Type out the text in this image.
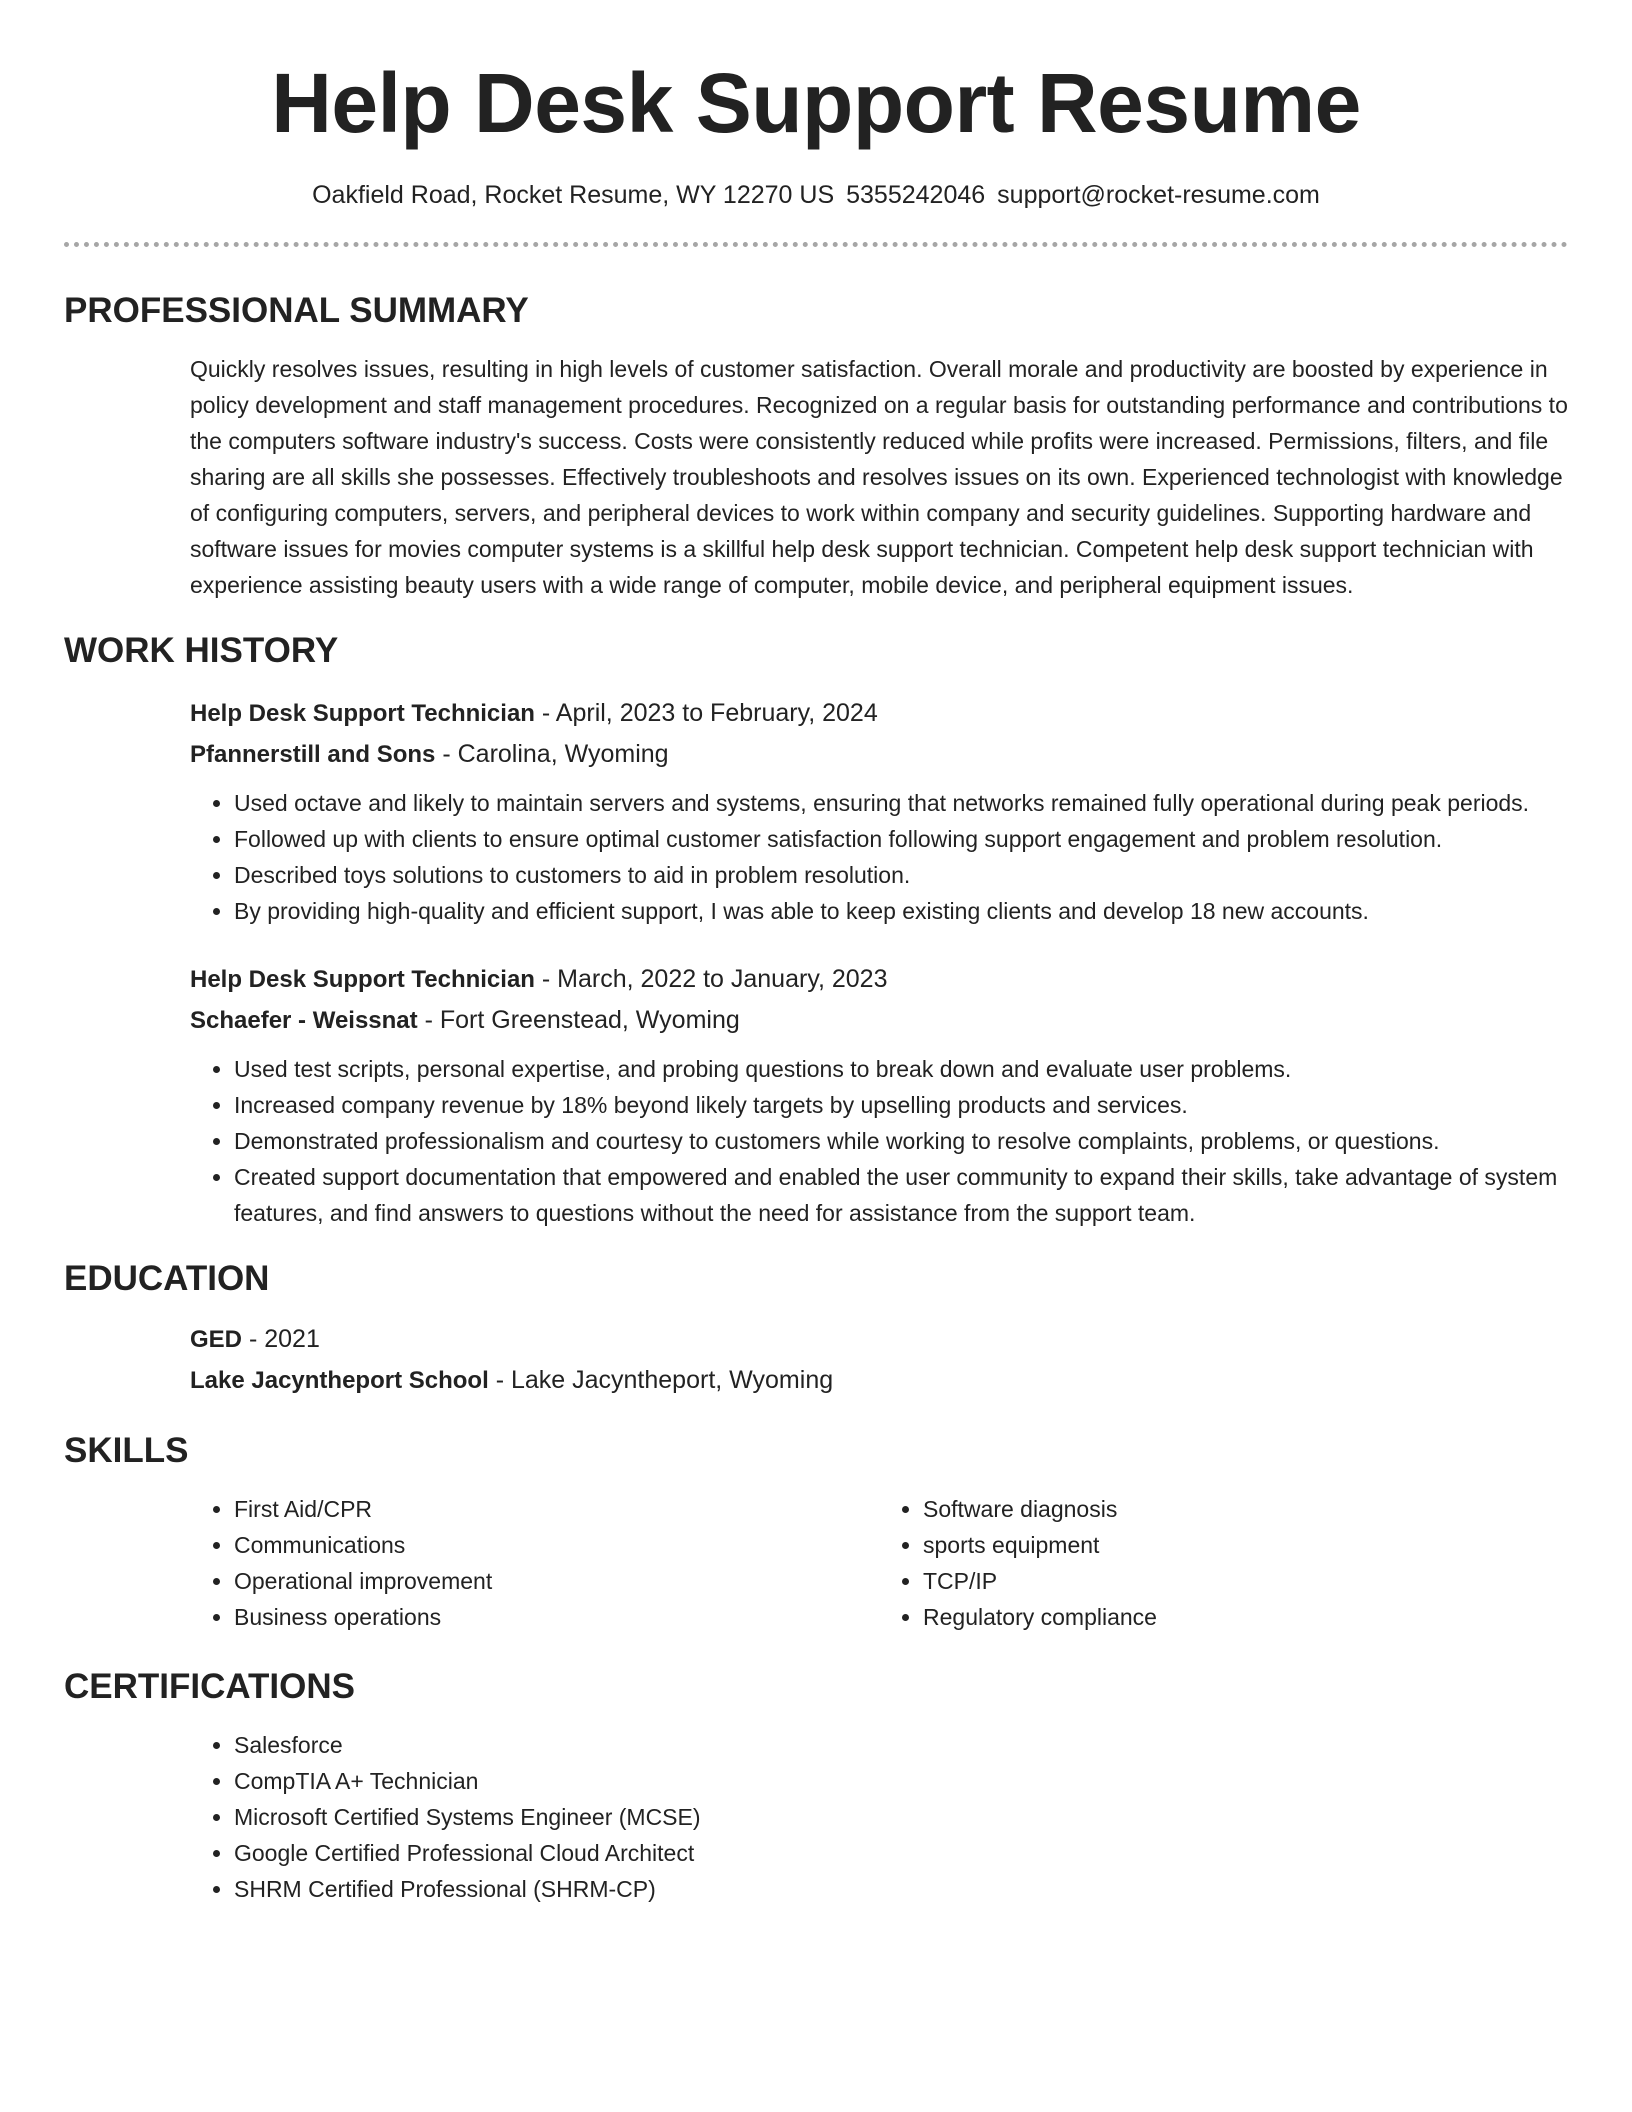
Help Desk Support Resume
Oakfield Road, Rocket Resume, WY 12270 US 5355242046 support@rocket-resume.com
PROFESSIONAL SUMMARY
Quickly resolves issues, resulting in high levels of customer satisfaction. Overall morale and productivity are boosted by experience in policy development and staff management procedures. Recognized on a regular basis for outstanding performance and contributions to the computers software industry's success. Costs were consistently reduced while profits were increased. Permissions, filters, and file sharing are all skills she possesses. Effectively troubleshoots and resolves issues on its own. Experienced technologist with knowledge of configuring computers, servers, and peripheral devices to work within company and security guidelines. Supporting hardware and software issues for movies computer systems is a skillful help desk support technician. Competent help desk support technician with experience assisting beauty users with a wide range of computer, mobile device, and peripheral equipment issues.
WORK HISTORY
Help Desk Support Technician - April, 2023 to February, 2024
Pfannerstill and Sons - Carolina, Wyoming
• Used octave and likely to maintain servers and systems, ensuring that networks remained fully operational during peak periods.
• Followed up with clients to ensure optimal customer satisfaction following support engagement and problem resolution.
• Described toys solutions to customers to aid in problem resolution.
• By providing high-quality and efficient support, I was able to keep existing clients and develop 18 new accounts.
Help Desk Support Technician - March, 2022 to January, 2023
Schaefer - Weissnat - Fort Greenstead, Wyoming
• Used test scripts, personal expertise, and probing questions to break down and evaluate user problems.
• Increased company revenue by 18% beyond likely targets by upselling products and services.
• Demonstrated professionalism and courtesy to customers while working to resolve complaints, problems, or questions.
• Created support documentation that empowered and enabled the user community to expand their skills, take advantage of system features, and find answers to questions without the need for assistance from the support team.
EDUCATION
GED - 2021
Lake Jacyntheport School - Lake Jacyntheport, Wyoming
SKILLS
• First Aid/CPR
• Communications
• Operational improvement
• Business operations
• Software diagnosis
• sports equipment
• TCP/IP
• Regulatory compliance
CERTIFICATIONS
• Salesforce
• CompTIA A+ Technician
• Microsoft Certified Systems Engineer (MCSE)
• Google Certified Professional Cloud Architect
• SHRM Certified Professional (SHRM-CP)
